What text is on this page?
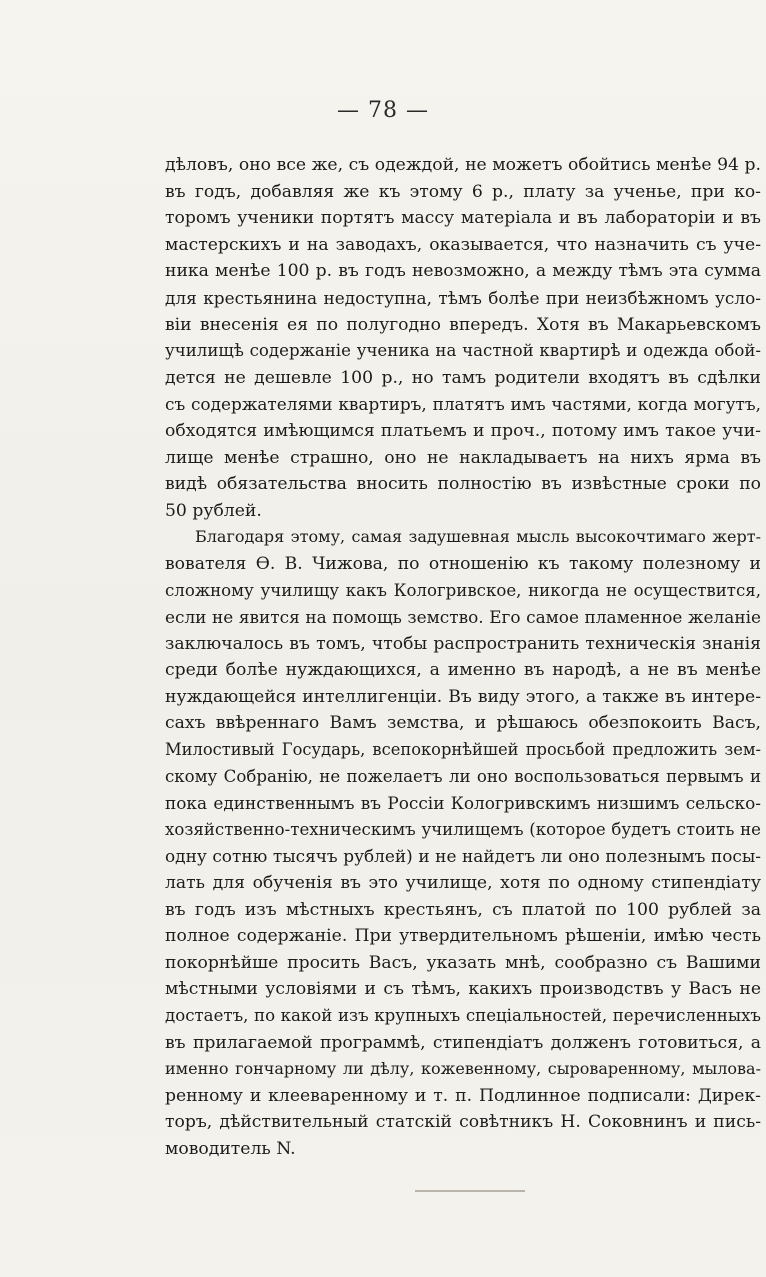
— 78 —
дѣловъ, оно все же, съ одеждой, не можетъ обойтись менѣе 94 р.
въ годъ, добавляя же къ этому 6 р., плату за ученье, при ко-
торомъ ученики портятъ массу матеріала и въ лабораторіи и въ
мастерскихъ и на заводахъ, оказывается, что назначить съ уче-
ника менѣе 100 р. въ годъ невозможно, а между тѣмъ эта сумма
для крестьянина недоступна, тѣмъ болѣе при неизбѣжномъ усло-
віи внесенія ея по полугодно впередъ. Хотя въ Макарьевскомъ
училищѣ содержаніе ученика на частной квартирѣ и одежда обой-
дется не дешевле 100 р., но тамъ родители входятъ въ сдѣлки
съ содержателями квартиръ, платятъ имъ частями, когда могутъ,
обходятся имѣющимся платьемъ и проч., потому имъ такое учи-
лище менѣе страшно, оно не накладываетъ на нихъ ярма въ
видѣ обязательства вносить полностію въ извѣстные сроки по
50 рублей.
Благодаря этому, самая задушевная мысль высокочтимаго жерт-
вователя Ѳ. В. Чижова, по отношенію къ такому полезному и
сложному училищу какъ Кологривское, никогда не осуществится,
если не явится на помощь земство. Его самое пламенное желаніе
заключалось въ томъ, чтобы распространить техническія знанія
среди болѣе нуждающихся, а именно въ народѣ, а не въ менѣе
нуждающейся интеллигенціи. Въ виду этого, а также въ интере-
сахъ ввѣреннаго Вамъ земства, и рѣшаюсь обезпокоить Васъ,
Милостивый Государь, всепокорнѣйшей просьбой предложить зем-
скому Собранію, не пожелаетъ ли оно воспользоваться первымъ и
пока единственнымъ въ Россіи Кологривскимъ низшимъ сельско-
хозяйственно-техническимъ училищемъ (которое будетъ стоить не
одну сотню тысячъ рублей) и не найдетъ ли оно полезнымъ посы-
лать для обученія въ это училище, хотя по одному стипендіату
въ годъ изъ мѣстныхъ крестьянъ, съ платой по 100 рублей за
полное содержаніе. При утвердительномъ рѣшеніи, имѣю честь
покорнѣйше просить Васъ, указать мнѣ, сообразно съ Вашими
мѣстными условіями и съ тѣмъ, какихъ производствъ у Васъ не
достаетъ, по какой изъ крупныхъ спеціальностей, перечисленныхъ
въ прилагаемой программѣ, стипендіатъ долженъ готовиться, а
именно гончарному ли дѣлу, кожевенному, сыроваренному, мылова-
ренному и клееваренному и т. п. Подлинное подписали: Дирек-
торъ, дѣйствительный статскій совѣтникъ Н. Соковнинъ и пись-
моводитель N.
